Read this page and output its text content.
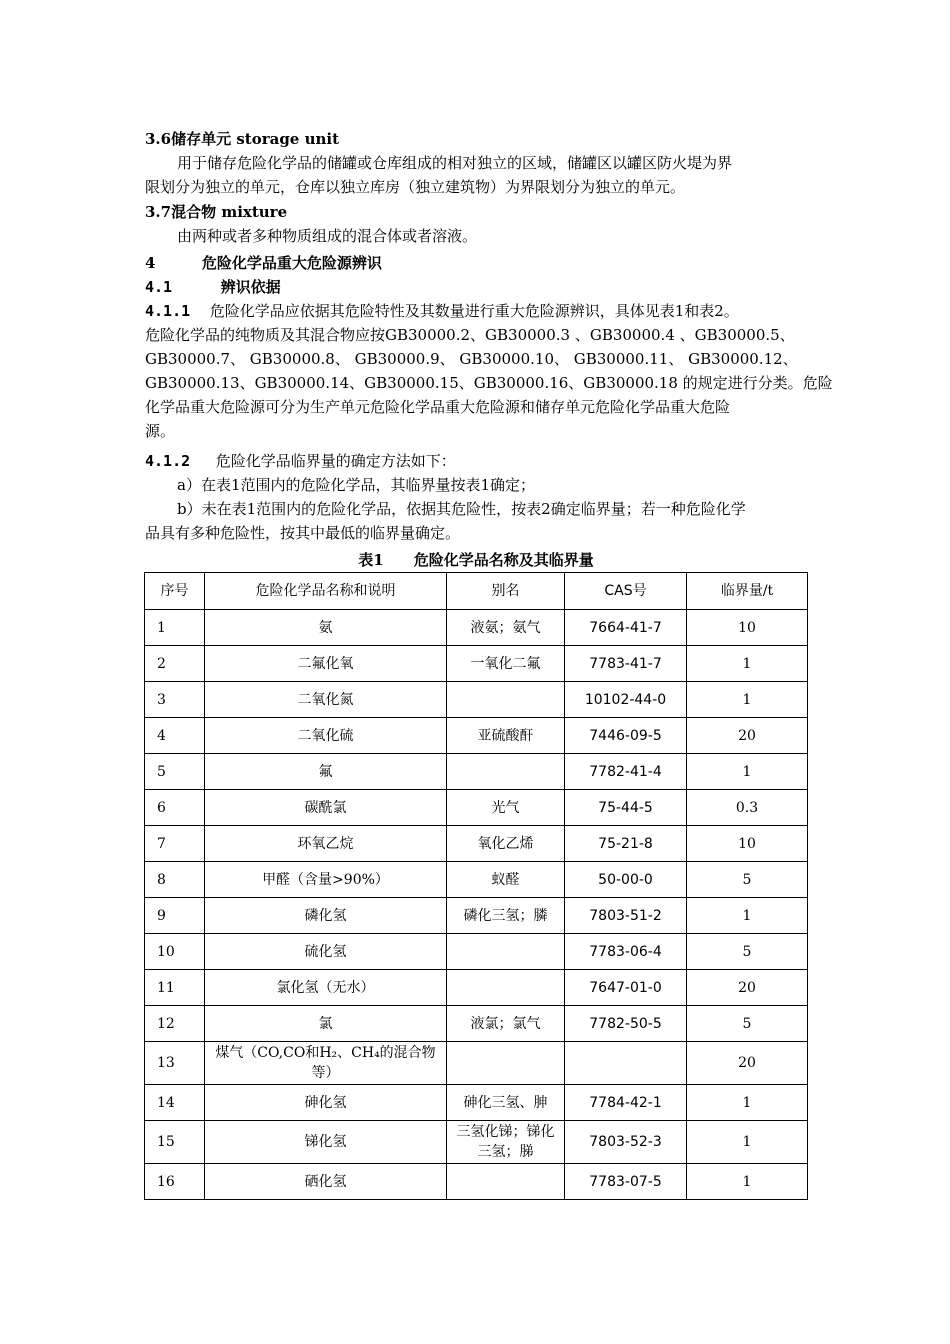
3.6储存单元 storage unit
用于储存危险化学品的储罐或仓库组成的相对独立的区域，储罐区以罐区防火堤为界
限划分为独立的单元，仓库以独立库房（独立建筑物）为界限划分为独立的单元。
3.7混合物 mixture
由两种或者多种物质组成的混合体或者溶液。
4	危险化学品重大危险源辨识
4.1	辨识依据
4.1.1 危险化学品应依据其危险特性及其数量进行重大危险源辨识，具体见表1和表2。
危险化学品的纯物质及其混合物应按GB30000.2、GB30000.3 、GB30000.4 、GB30000.5、
GB30000.7、 GB30000.8、 GB30000.9、 GB30000.10、 GB30000.11、 GB30000.12、
GB30000.13、GB30000.14、GB30000.15、GB30000.16、GB30000.18 的规定进行分类。危险
化学品重大危险源可分为生产单元危险化学品重大危险源和储存单元危险化学品重大危险
源。
4.1.2 危险化学品临界量的确定方法如下：
a）在表1范围内的危险化学品，其临界量按表1确定；
b）未在表1范围内的危险化学品，依据其危险性，按表2确定临界量；若一种危险化学
品具有多种危险性，按其中最低的临界量确定。
表1　　危险化学品名称及其临界量
序号	危险化学品名称和说明	别名	CAS号	临界量/t
1	氨	液氨；氨气	7664-41-7	10
2	二氟化氧	一氧化二氟	7783-41-7	1
3	二氧化氮		10102-44-0	1
4	二氧化硫	亚硫酸酐	7446-09-5	20
5	氟		7782-41-4	1
6	碳酰氯	光气	75-44-5	0.3
7	环氧乙烷	氧化乙烯	75-21-8	10
8	甲醛（含量>90%）	蚁醛	50-00-0	5
9	磷化氢	磷化三氢；膦	7803-51-2	1
10	硫化氢		7783-06-4	5
11	氯化氢（无水）		7647-01-0	20
12	氯	液氯；氯气	7782-50-5	5
13	煤气（CO,CO和H₂、CH₄的混合物等）			20
14	砷化氢	砷化三氢、胂	7784-42-1	1
15	锑化氢	三氢化锑；锑化三氢；䏲	7803-52-3	1
16	硒化氢		7783-07-5	1
